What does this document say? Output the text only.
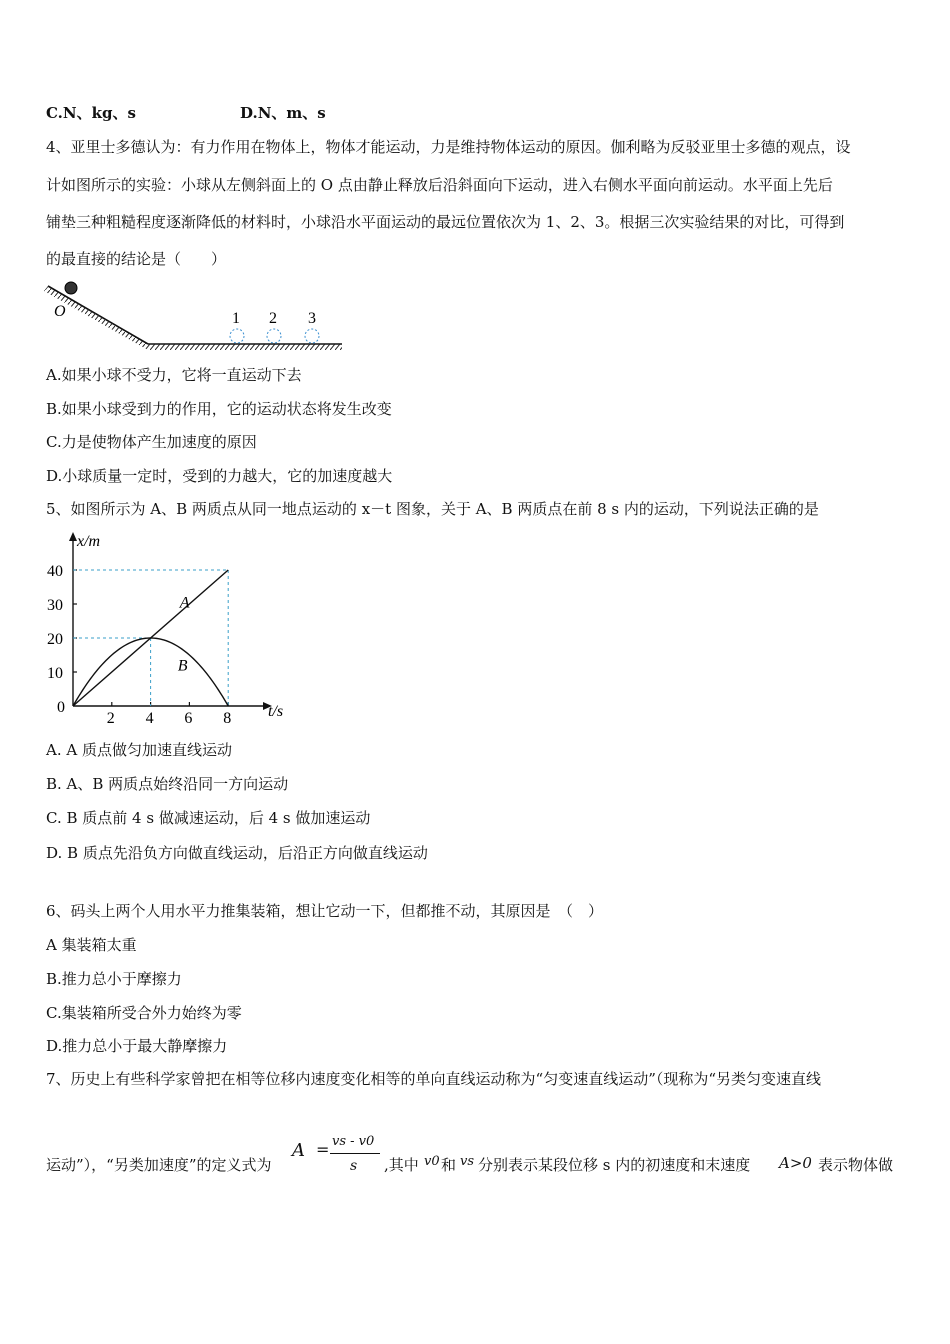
C.N、kg、s	D.N、m、s
4、亚里士多德认为：有力作用在物体上，物体才能运动，力是维持物体运动的原因。伽利略为反驳亚里士多德的观点，设
计如图所示的实验：小球从左侧斜面上的 O 点由静止释放后沿斜面向下运动，进入右侧水平面向前运动。水平面上先后
铺垫三种粗糙程度逐渐降低的材料时，小球沿水平面运动的最远位置依次为 1、2、3。根据三次实验结果的对比，可得到
的最直接的结论是（　　）
O	1 2 3
A.如果小球不受力，它将一直运动下去
B.如果小球受到力的作用，它的运动状态将发生改变
C.力是使物体产生加速度的原因
D.小球质量一定时，受到的力越大，它的加速度越大
5、如图所示为 A、B 两质点从同一地点运动的 x－t 图象，关于 A、B 两质点在前 8 s 内的运动，下列说法正确的是
x/m
t/s
0
2 4 6 8
10
20
30
40
A
B
A. A 质点做匀加速直线运动
B. A、B 两质点始终沿同一方向运动
C. B 质点前 4 s 做减速运动，后 4 s 做加速运动
D. B 质点先沿负方向做直线运动，后沿正方向做直线运动
6、码头上两个人用水平力推集装箱，想让它动一下，但都推不动，其原因是　（　）
A 集装箱太重
B.推力总小于摩擦力
C.集装箱所受合外力始终为零
D.推力总小于最大静摩擦力
7、历史上有些科学家曾把在相等位移内速度变化相等的单向直线运动称为“匀变速直线运动”（现称为“另类匀变速直线
运动”），“另类加速度”的定义式为
A = vs - v0
s ,其中 v0 和 vs 分别表示某段位移 s 内的初速度和末速度 A>0 表示物体做
